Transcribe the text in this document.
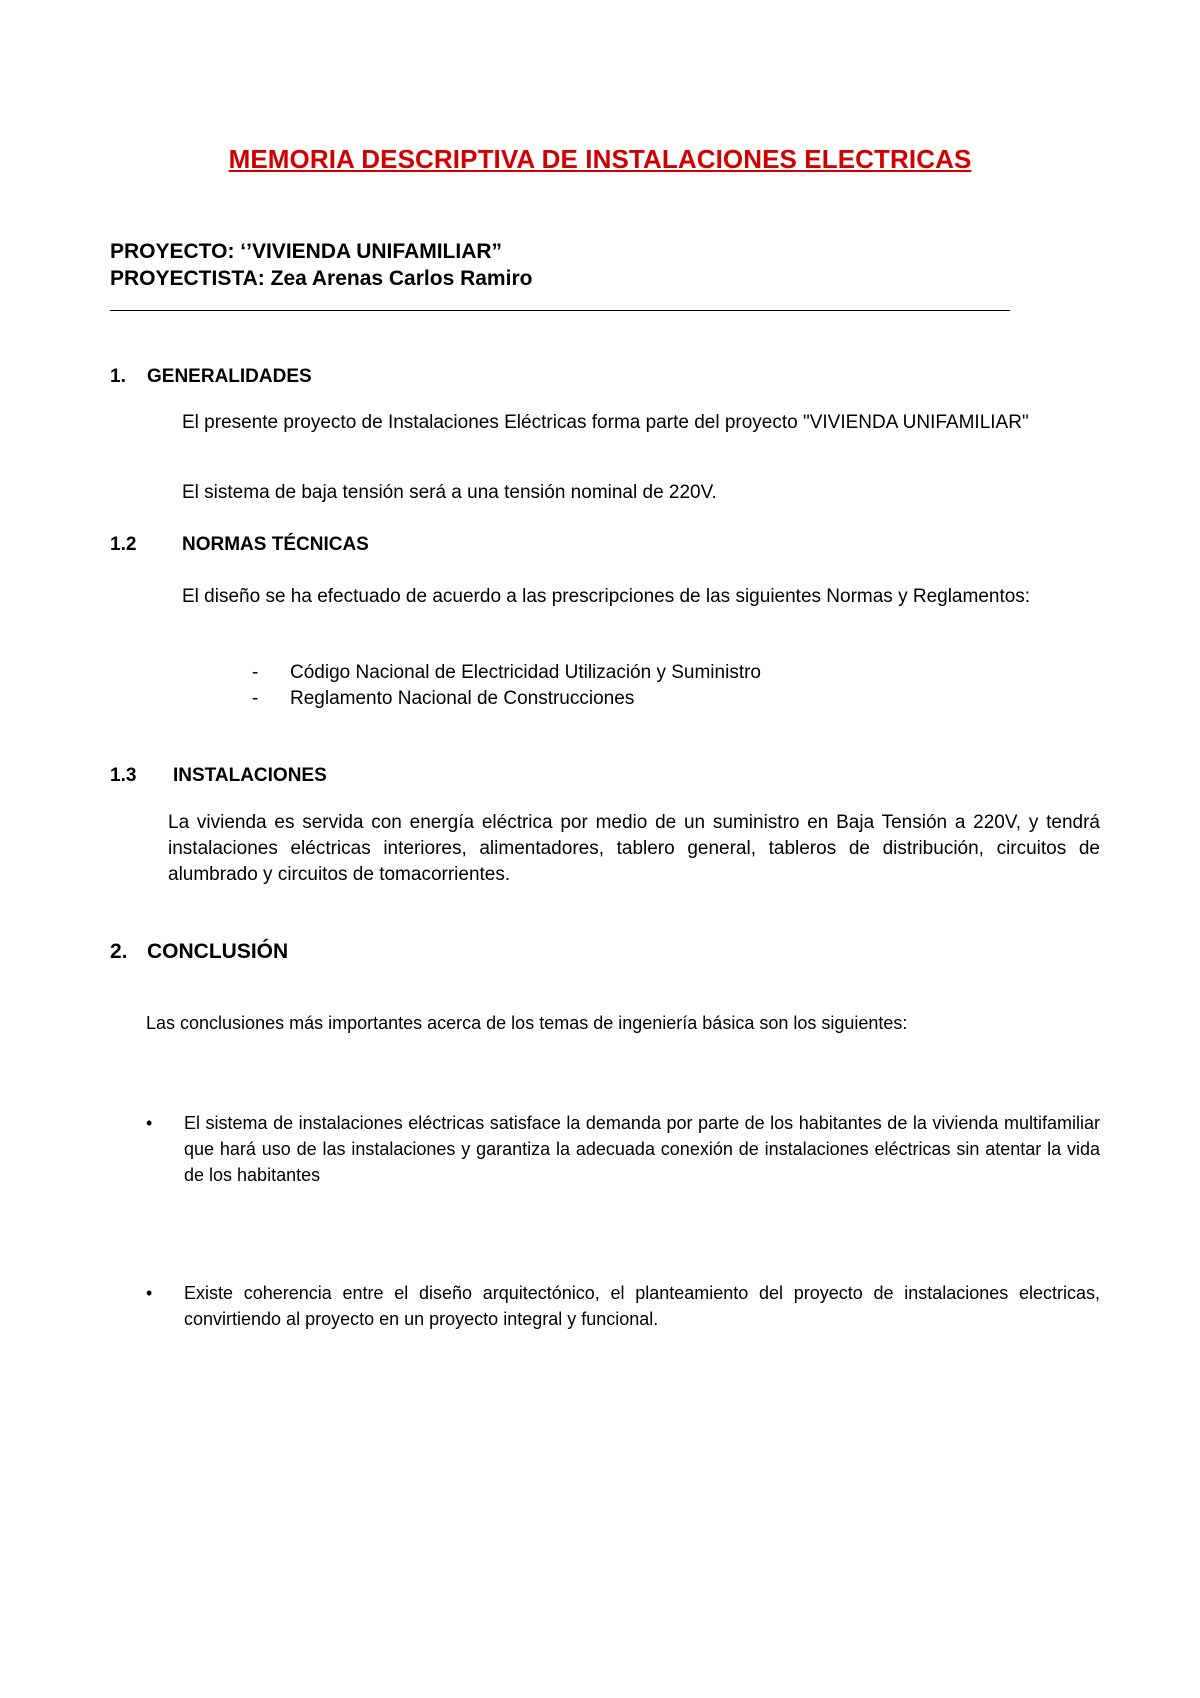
MEMORIA DESCRIPTIVA DE INSTALACIONES ELECTRICAS
PROYECTO: ‘’VIVIENDA UNIFAMILIAR”
PROYECTISTA: Zea Arenas Carlos Ramiro
1. GENERALIDADES

El presente proyecto de Instalaciones Eléctricas forma parte del proyecto "VIVIENDA UNIFAMILIAR"

El sistema de baja tensión será a una tensión nominal de 220V.

1.2 NORMAS TÉCNICAS

El diseño se ha efectuado de acuerdo a las prescripciones de las siguientes Normas y Reglamentos:

- Código Nacional de Electricidad Utilización y Suministro
- Reglamento Nacional de Construcciones
1.3 INSTALACIONES

La vivienda es servida con energía eléctrica por medio de un suministro en Baja Tensión a 220V, y tendrá instalaciones eléctricas interiores, alimentadores, tablero general, tableros de distribución, circuitos de alumbrado y circuitos de tomacorrientes.

2. CONCLUSIÓN

Las conclusiones más importantes acerca de los temas de ingeniería básica son los siguientes:

• El sistema de instalaciones eléctricas satisface la demanda por parte de los habitantes de la vivienda multifamiliar que hará uso de las instalaciones y garantiza la adecuada conexión de instalaciones eléctricas sin atentar la vida de los habitantes
• Existe coherencia entre el diseño arquitectónico, el planteamiento del proyecto de instalaciones electricas, convirtiendo al proyecto en un proyecto integral y funcional.
